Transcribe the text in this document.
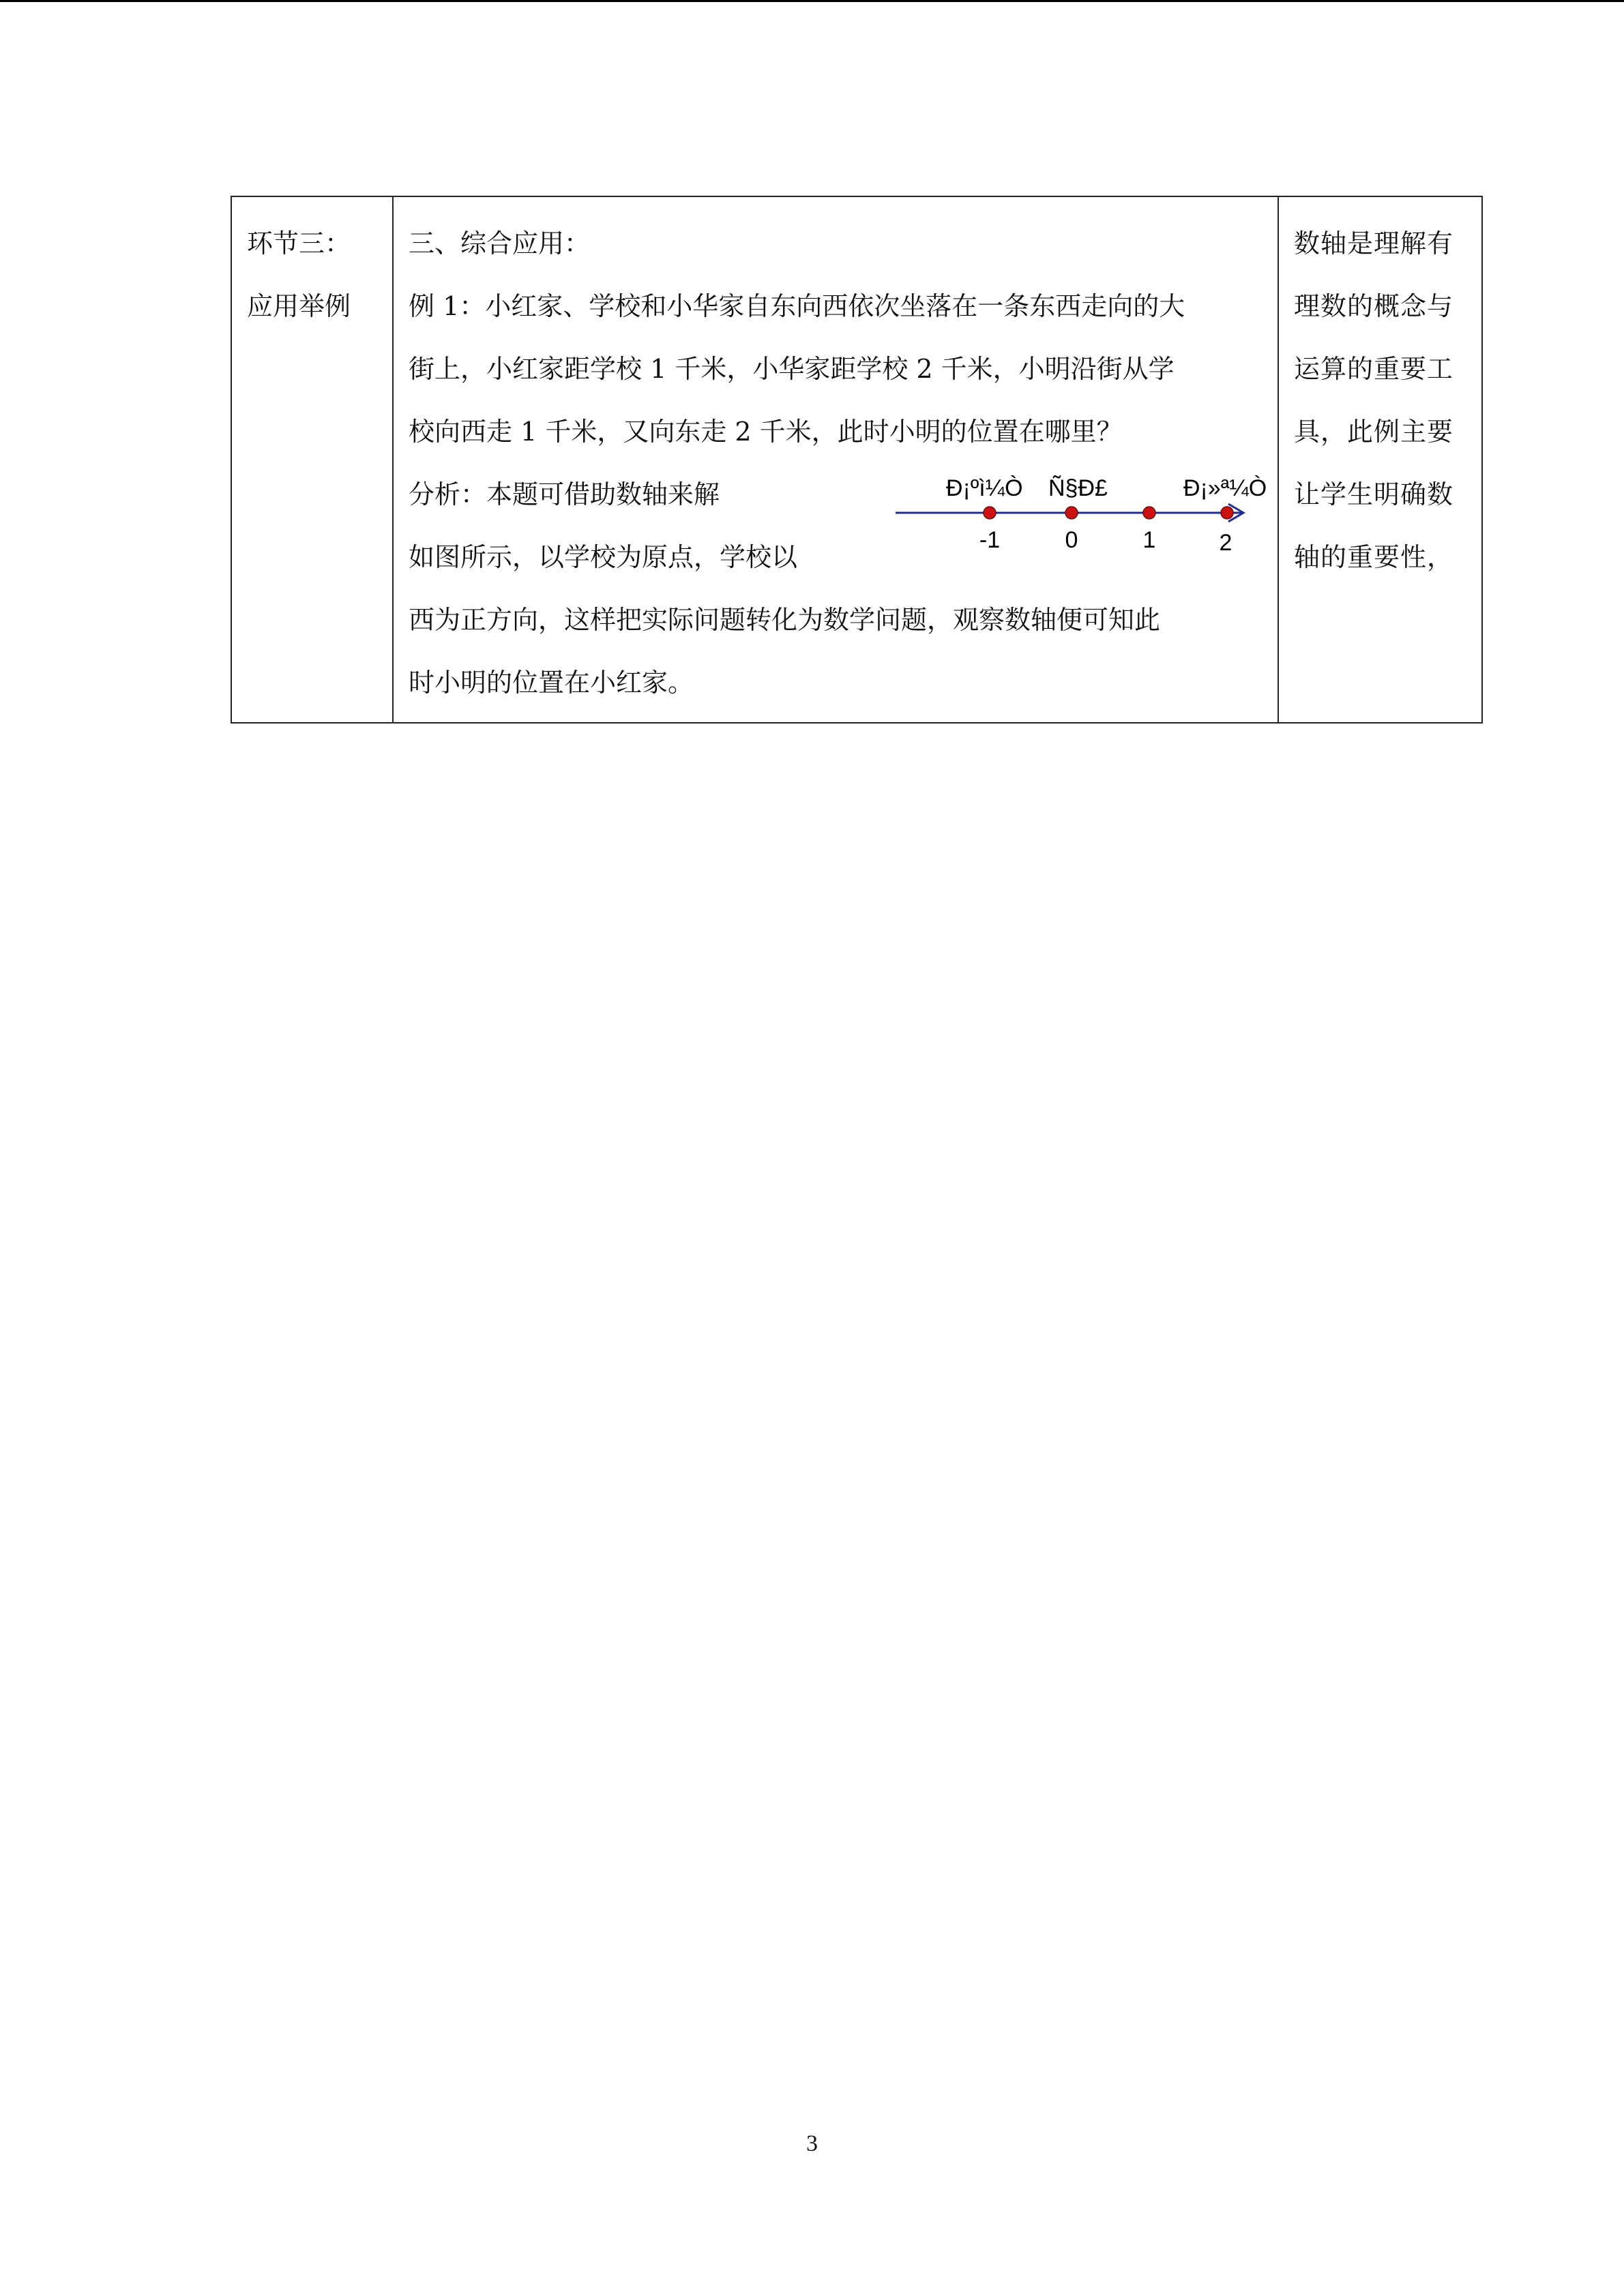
环节三：
应用举例

三、综合应用：
例 1：小红家、学校和小华家自东向西依次坐落在一条东西走向的大
街上，小红家距学校 1 千米，小华家距学校 2 千米，小明沿街从学
校向西走 1 千米，又向东走 2 千米，此时小明的位置在哪里？
分析：本题可借助数轴来解
如图所示，以学校为原点，学校以
Ð¡ºì¼Ò Ñ§Ð£	Ð¡»ª¼Ò
-1	0	1	2
西为正方向，这样把实际问题转化为数学问题，观察数轴便可知此
时小明的位置在小红家。

数轴是理解有
理数的概念与
运算的重要工
具，此例主要
让学生明确数
轴的重要性，
3
